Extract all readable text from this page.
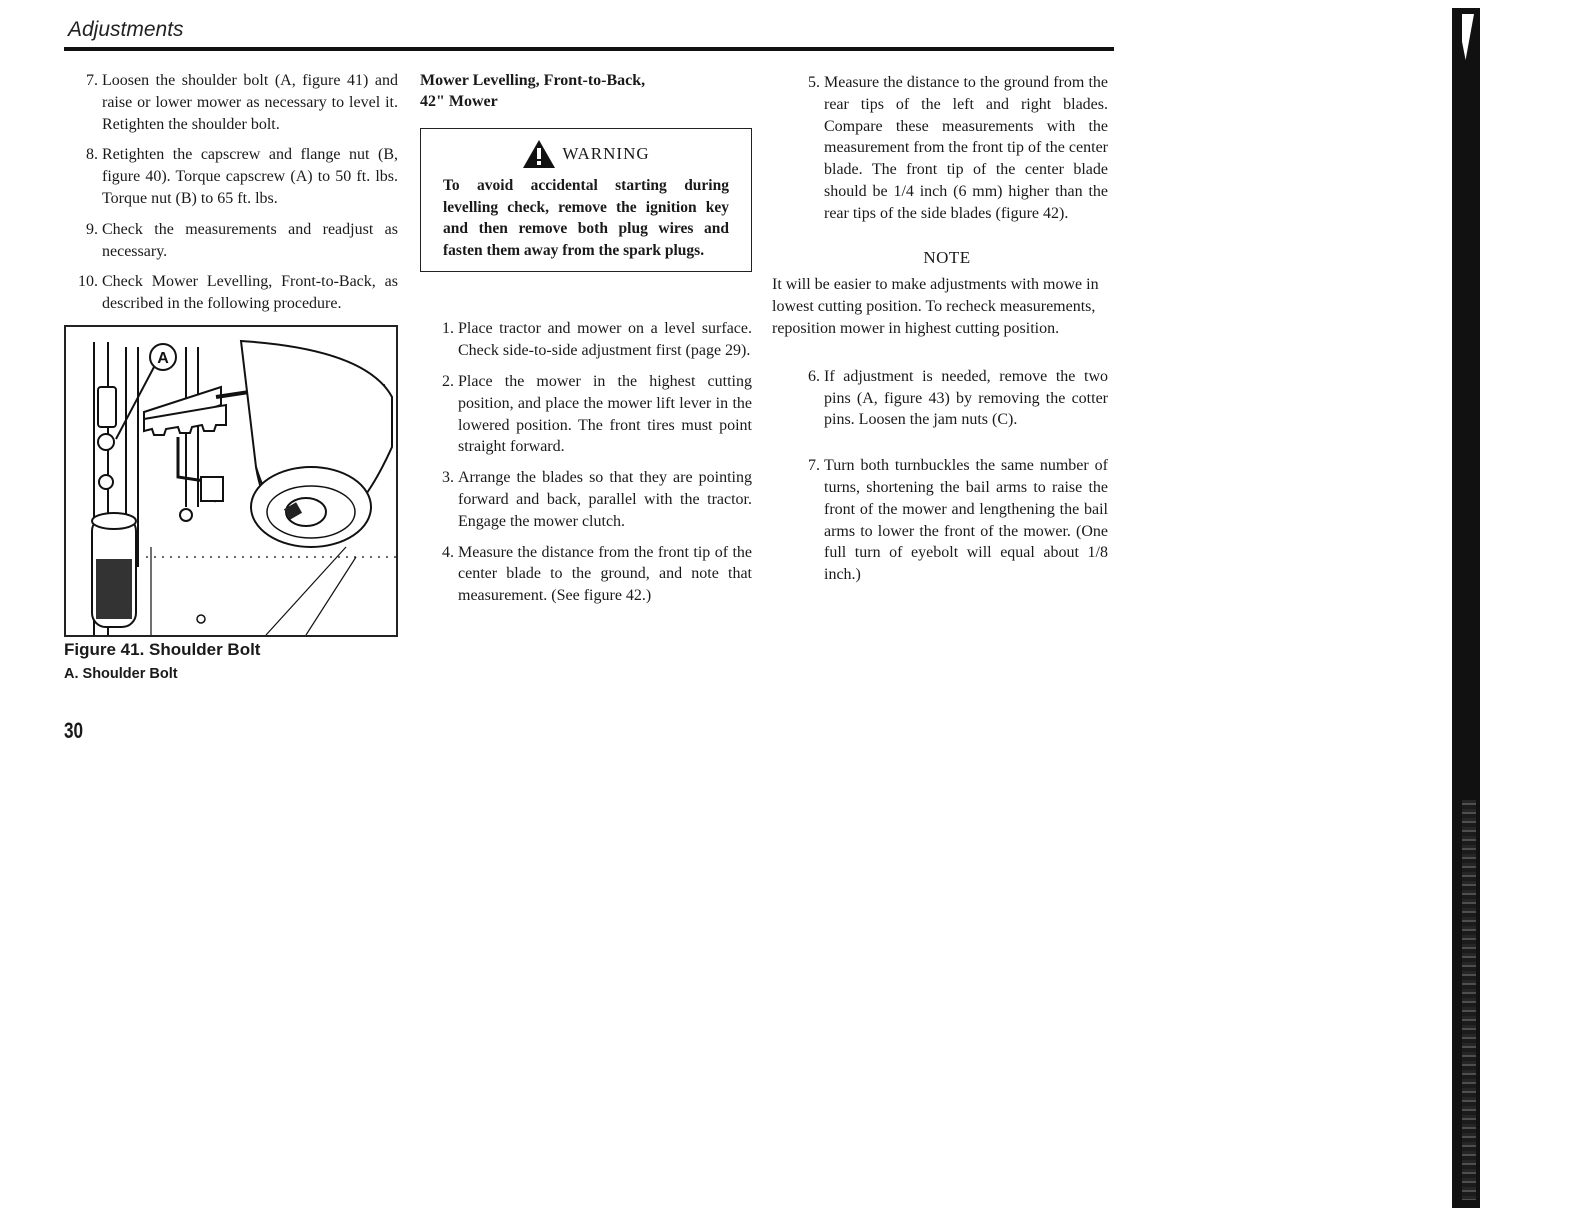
Adjustments
7. Loosen the shoulder bolt (A, figure 41) and raise or lower mower as necessary to level it. Retighten the shoulder bolt.
8. Retighten the capscrew and flange nut (B, figure 40). Torque capscrew (A) to 50 ft. lbs. Torque nut (B) to 65 ft. lbs.
9. Check the measurements and readjust as necessary.
10. Check Mower Levelling, Front-to-Back, as described in the following procedure.
A
Figure 41. Shoulder Bolt
A. Shoulder Bolt
30

Mower Levelling, Front-to-Back,
42" Mower

WARNING
To avoid accidental starting during levelling check, remove the ignition key and then remove both plug wires and fasten them away from the spark plugs.
1. Place tractor and mower on a level surface. Check side-to-side adjustment first (page 29).
2. Place the mower in the highest cutting position, and place the mower lift lever in the lowered position. The front tires must point straight forward.
3. Arrange the blades so that they are pointing forward and back, parallel with the tractor. Engage the mower clutch.
4. Measure the distance from the front tip of the center blade to the ground, and note that measurement. (See figure 42.)
5. Measure the distance to the ground from the rear tips of the left and right blades. Compare these measurements with the measurement from the front tip of the center blade. The front tip of the center blade should be 1/4 inch (6 mm) higher than the rear tips of the side blades (figure 42).
NOTE

It will be easier to make adjustments with mowe in lowest cutting position. To recheck measurements, reposition mower in highest cutting position.

6. If adjustment is needed, remove the two pins (A, figure 43) by removing the cotter pins. Loosen the jam nuts (C).
7. Turn both turnbuckles the same number of turns, shortening the bail arms to raise the front of the mower and lengthening the bail arms to lower the front of the mower. (One full turn of eyebolt will equal about 1/8 inch.)
